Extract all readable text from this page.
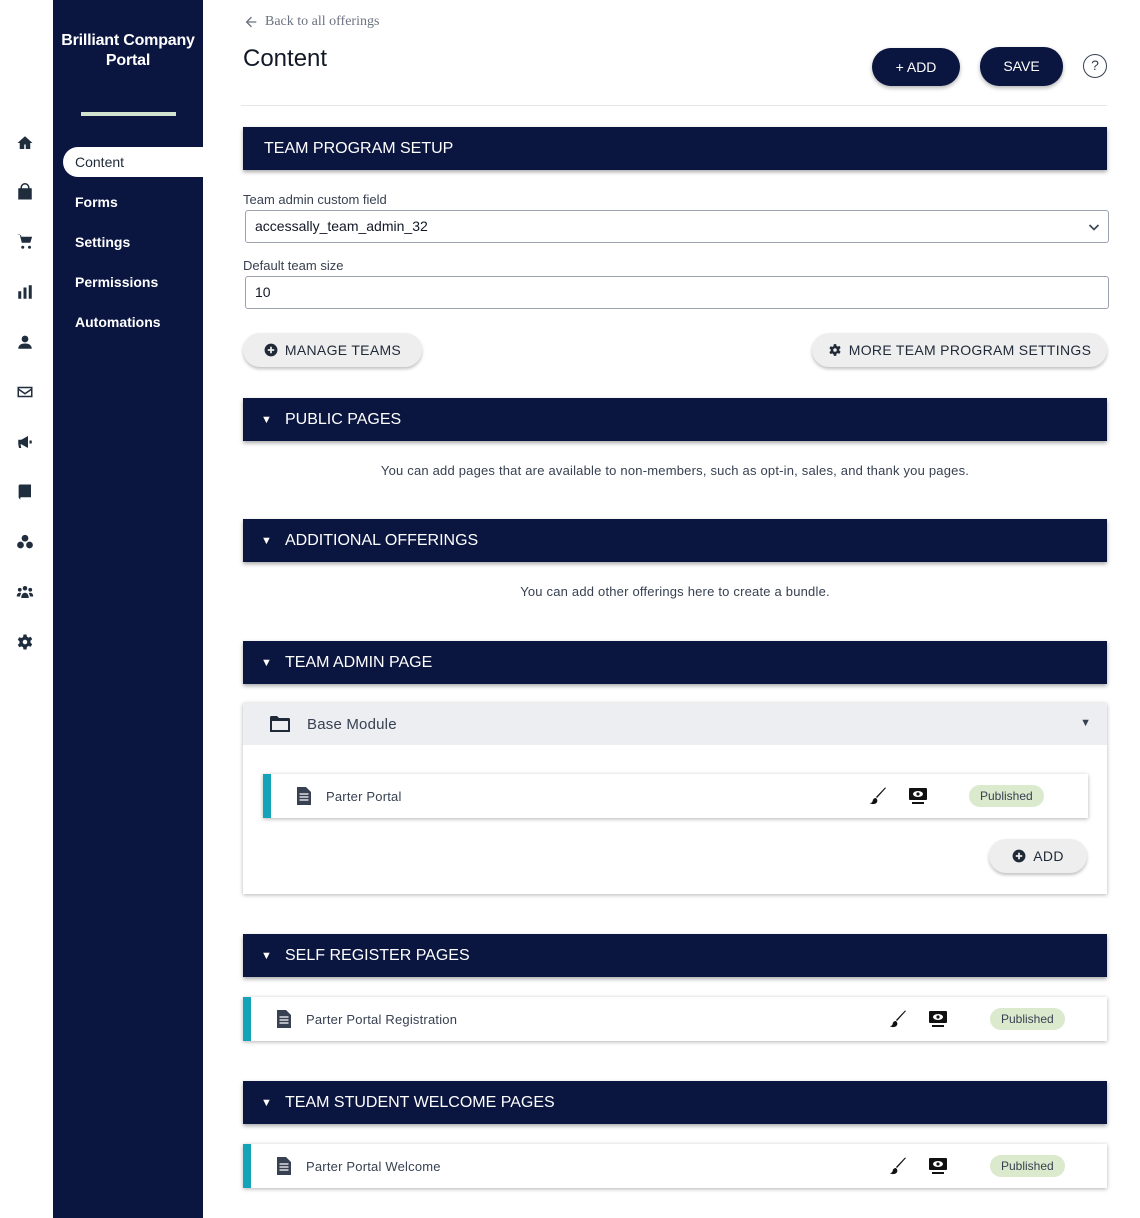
Brilliant Company Portal
Content
Forms
Settings
Permissions
Automations
Back to all offerings
Content	+ ADD	SAVE	?
TEAM PROGRAM SETUP
Team admin custom field
accessally_team_admin_32
Default team size
10
MANAGE TEAMS	MORE TEAM PROGRAM SETTINGS
▼ PUBLIC PAGES
You can add pages that are available to non-members, such as opt-in, sales, and thank you pages.
▼ ADDITIONAL OFFERINGS
You can add other offerings here to create a bundle.
▼ TEAM ADMIN PAGE
Base Module	▼
Parter Portal	Published
ADD
▼ SELF REGISTER PAGES
Parter Portal Registration	Published
▼ TEAM STUDENT WELCOME PAGES
Parter Portal Welcome	Published
